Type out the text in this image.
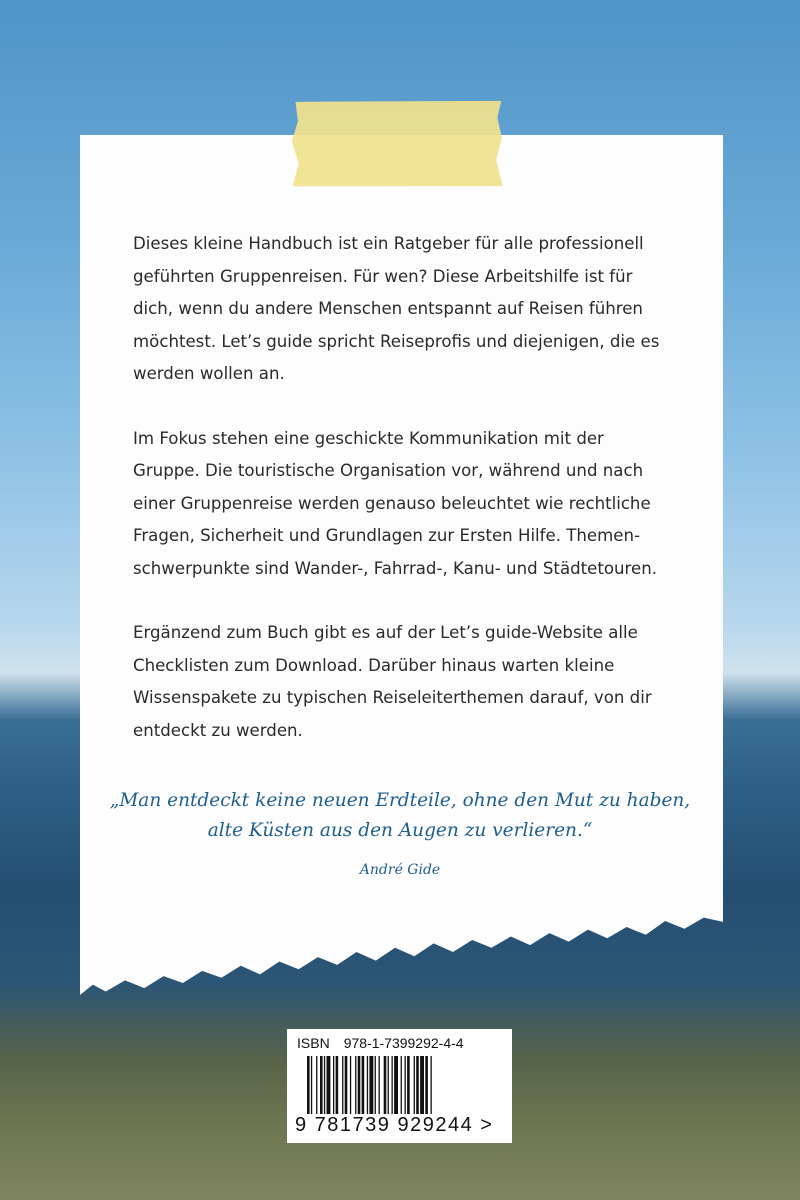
Dieses kleine Handbuch ist ein Ratgeber für alle professionell geführten Gruppenreisen. Für wen? Diese Arbeitshilfe ist für dich, wenn du andere Menschen entspannt auf Reisen führen möchtest. Let’s guide spricht Reiseprofis und diejenigen, die es werden wollen an.

Im Fokus stehen eine geschickte Kommunikation mit der Gruppe. Die touristische Organisation vor, während und nach einer Gruppenreise werden genauso beleuchtet wie rechtliche Fragen, Sicherheit und Grundlagen zur Ersten Hilfe. Themenschwerpunkte sind Wander-, Fahrrad-, Kanu- und Städtetouren.

Ergänzend zum Buch gibt es auf der Let’s guide-Website alle Checklisten zum Download. Darüber hinaus warten kleine Wissenspakete zu typischen Reiseleiterthemen darauf, von dir entdeckt zu werden.

„Man entdeckt keine neuen Erdteile, ohne den Mut zu haben,
alte Küsten aus den Augen zu verlieren.“
André Gide
ISBN 978-1-7399292-4-4
9 781739 929244 >
